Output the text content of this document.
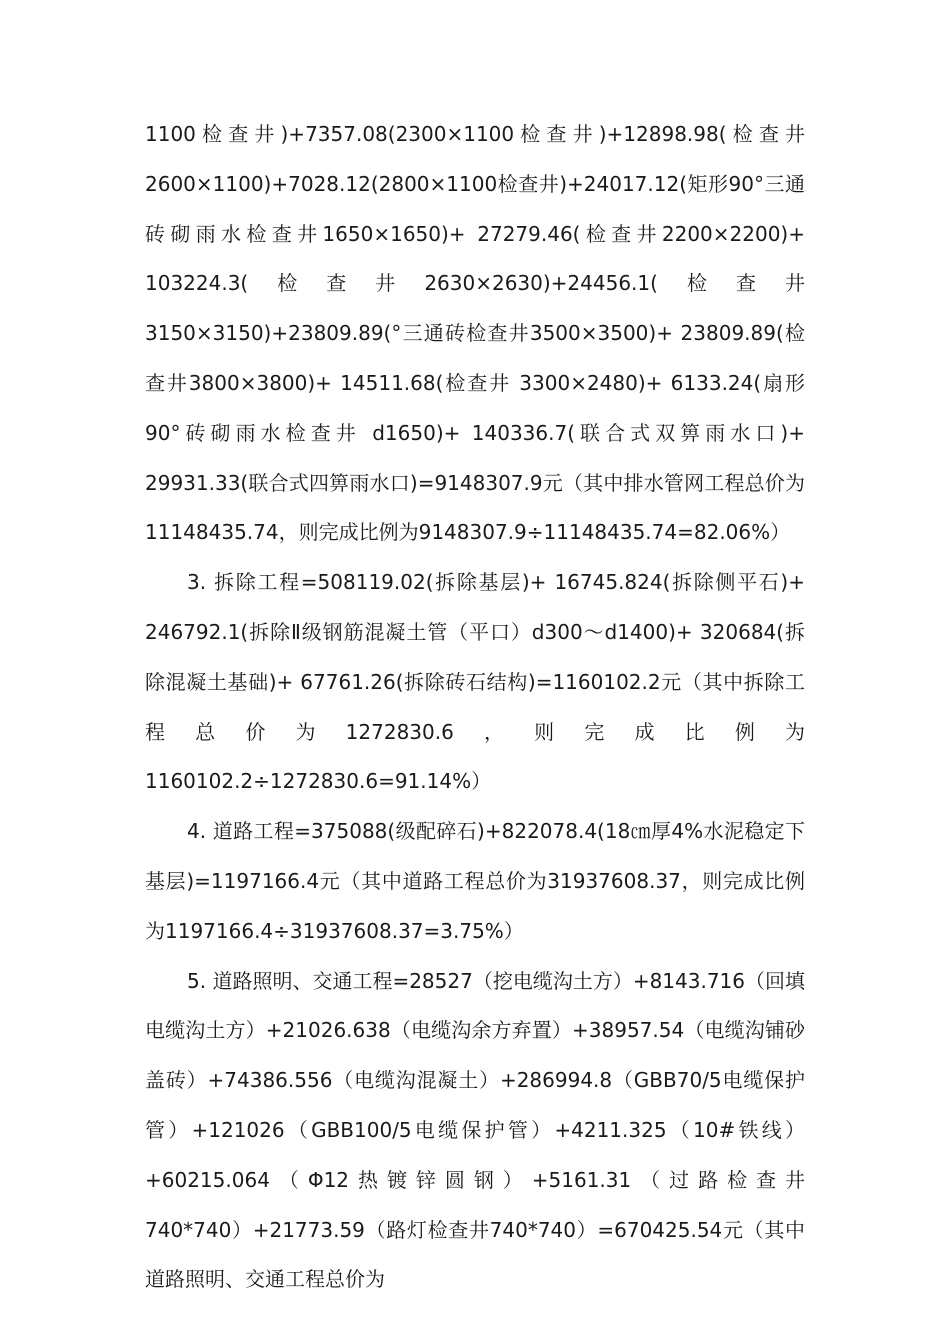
1100检查井)+7357.08(2300×1100检查井)+12898.98(检查井2600×1100)+7028.12(2800×1100检查井)+24017.12(矩形90°三通砖砌雨水检查井1650×1650)+ 27279.46(检查井2200×2200)+ 103224.3(检查井2630×2630)+24456.1(检查井3150×3150)+23809.89(°三通砖检查井3500×3500)+ 23809.89(检查井3800×3800)+ 14511.68(检查井 3300×2480)+ 6133.24(扇形 90°砖砌雨水检查井 d1650)+ 140336.7(联合式双箅雨水口)+ 29931.33(联合式四箅雨水口)=9148307.9元（其中排水管网工程总价为11148435.74，则完成比例为9148307.9÷11148435.74=82.06%）

3. 拆除工程=508119.02(拆除基层)+ 16745.824(拆除侧平石)+ 246792.1(拆除Ⅱ级钢筋混凝土管（平口）d300～d1400)+ 320684(拆除混凝土基础)+ 67761.26(拆除砖石结构)=1160102.2元（其中拆除工程总价为1272830.6，则完成比例为1160102.2÷1272830.6=91.14%）

4. 道路工程=375088(级配碎石)+822078.4(18㎝厚4%水泥稳定下基层)=1197166.4元（其中道路工程总价为31937608.37，则完成比例为1197166.4÷31937608.37=3.75%）

5. 道路照明、交通工程=28527（挖电缆沟土方）+8143.716（回填电缆沟土方）+21026.638（电缆沟余方弃置）+38957.54（电缆沟铺砂盖砖）+74386.556（电缆沟混凝土）+286994.8（GBB70/5电缆保护管）+121026（GBB100/5电缆保护管）+4211.325（10#铁线）+60215.064（Φ12热镀锌圆钢）+5161.31（过路检查井740*740）+21773.59（路灯检查井740*740）=670425.54元（其中道路照明、交通工程总价为
